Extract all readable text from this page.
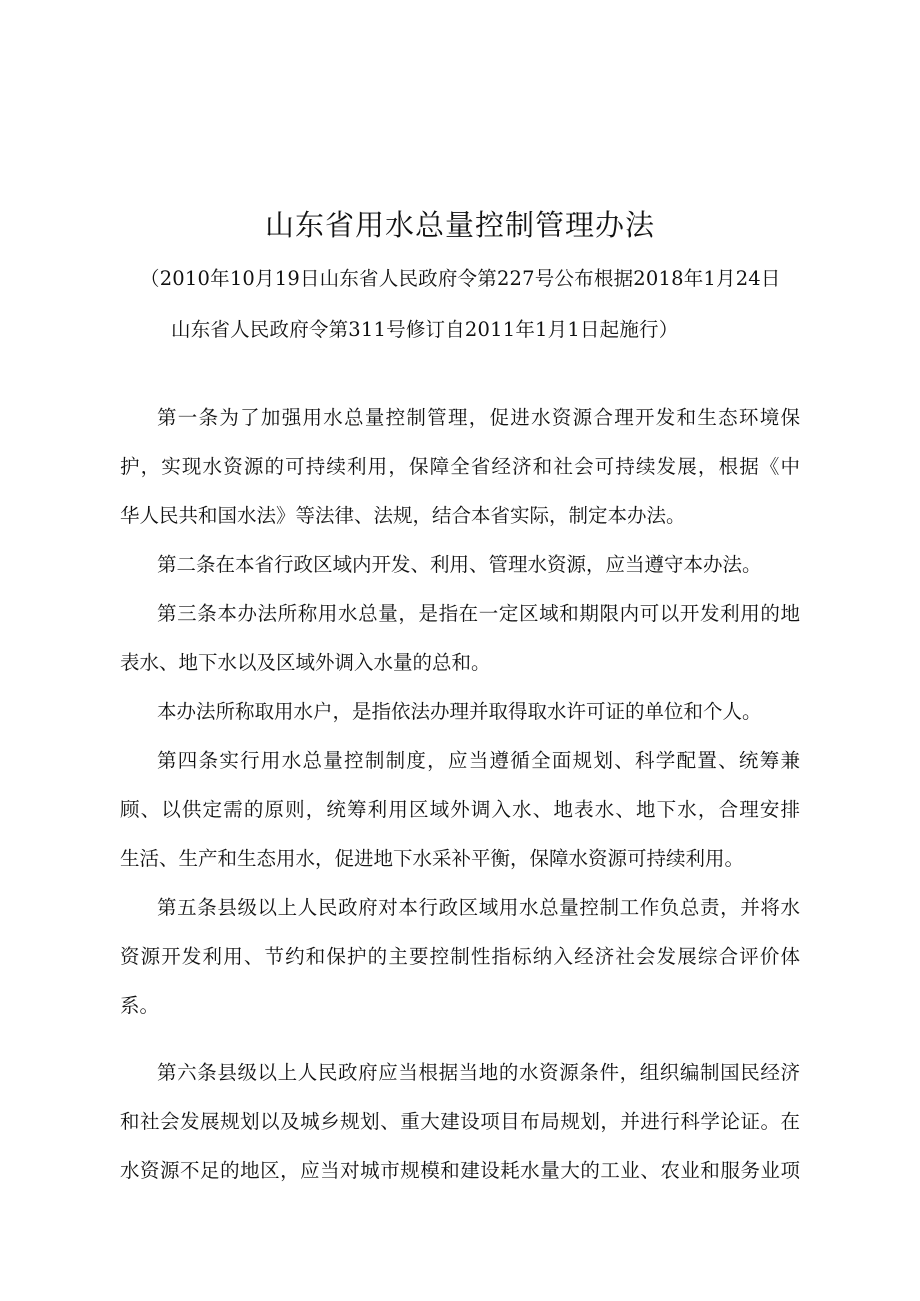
山东省用水总量控制管理办法
（2010年10月19日山东省人民政府令第227号公布根据2018年1月24日
山东省人民政府令第311号修订自2011年1月1日起施行）
第一条为了加强用水总量控制管理，促进水资源合理开发和生态环境保
护，实现水资源的可持续利用，保障全省经济和社会可持续发展，根据《中
华人民共和国水法》等法律、法规，结合本省实际，制定本办法。
第二条在本省行政区域内开发、利用、管理水资源，应当遵守本办法。
第三条本办法所称用水总量，是指在一定区域和期限内可以开发利用的地
表水、地下水以及区域外调入水量的总和。
本办法所称取用水户，是指依法办理并取得取水许可证的单位和个人。
第四条实行用水总量控制制度，应当遵循全面规划、科学配置、统筹兼
顾、以供定需的原则，统筹利用区域外调入水、地表水、地下水，合理安排
生活、生产和生态用水，促进地下水采补平衡，保障水资源可持续利用。
第五条县级以上人民政府对本行政区域用水总量控制工作负总责，并将水
资源开发利用、节约和保护的主要控制性指标纳入经济社会发展综合评价体
系。
第六条县级以上人民政府应当根据当地的水资源条件，组织编制国民经济
和社会发展规划以及城乡规划、重大建设项目布局规划，并进行科学论证。在
水资源不足的地区，应当对城市规模和建设耗水量大的工业、农业和服务业项
